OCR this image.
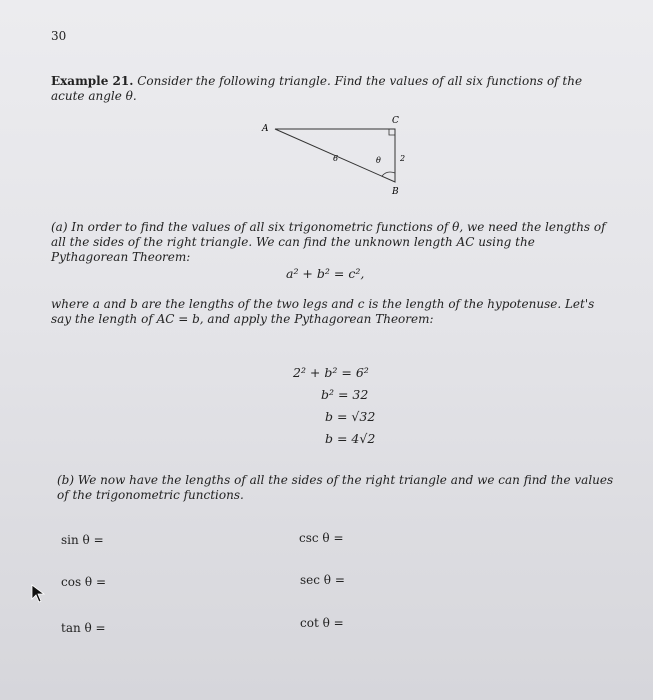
30
Example 21. Consider the following triangle. Find the values of all six functions of the acute angle θ.
A
C
B
6	2
θ
(a) In order to find the values of all six trigonometric functions of θ, we need the lengths of all the sides of the right triangle. We can find the unknown length AC using the Pythagorean Theorem:
a² + b² = c²,
where a and b are the lengths of the two legs and c is the length of the hypotenuse. Let's say the length of AC = b, and apply the Pythagorean Theorem:
2² + b² = 6²
b² = 32
b = √32
b = 4√2
(b) We now have the lengths of all the sides of the right triangle and we can find the values of the trigonometric functions.
sin θ =	csc θ =
cos θ =	sec θ =
tan θ =	cot θ =
